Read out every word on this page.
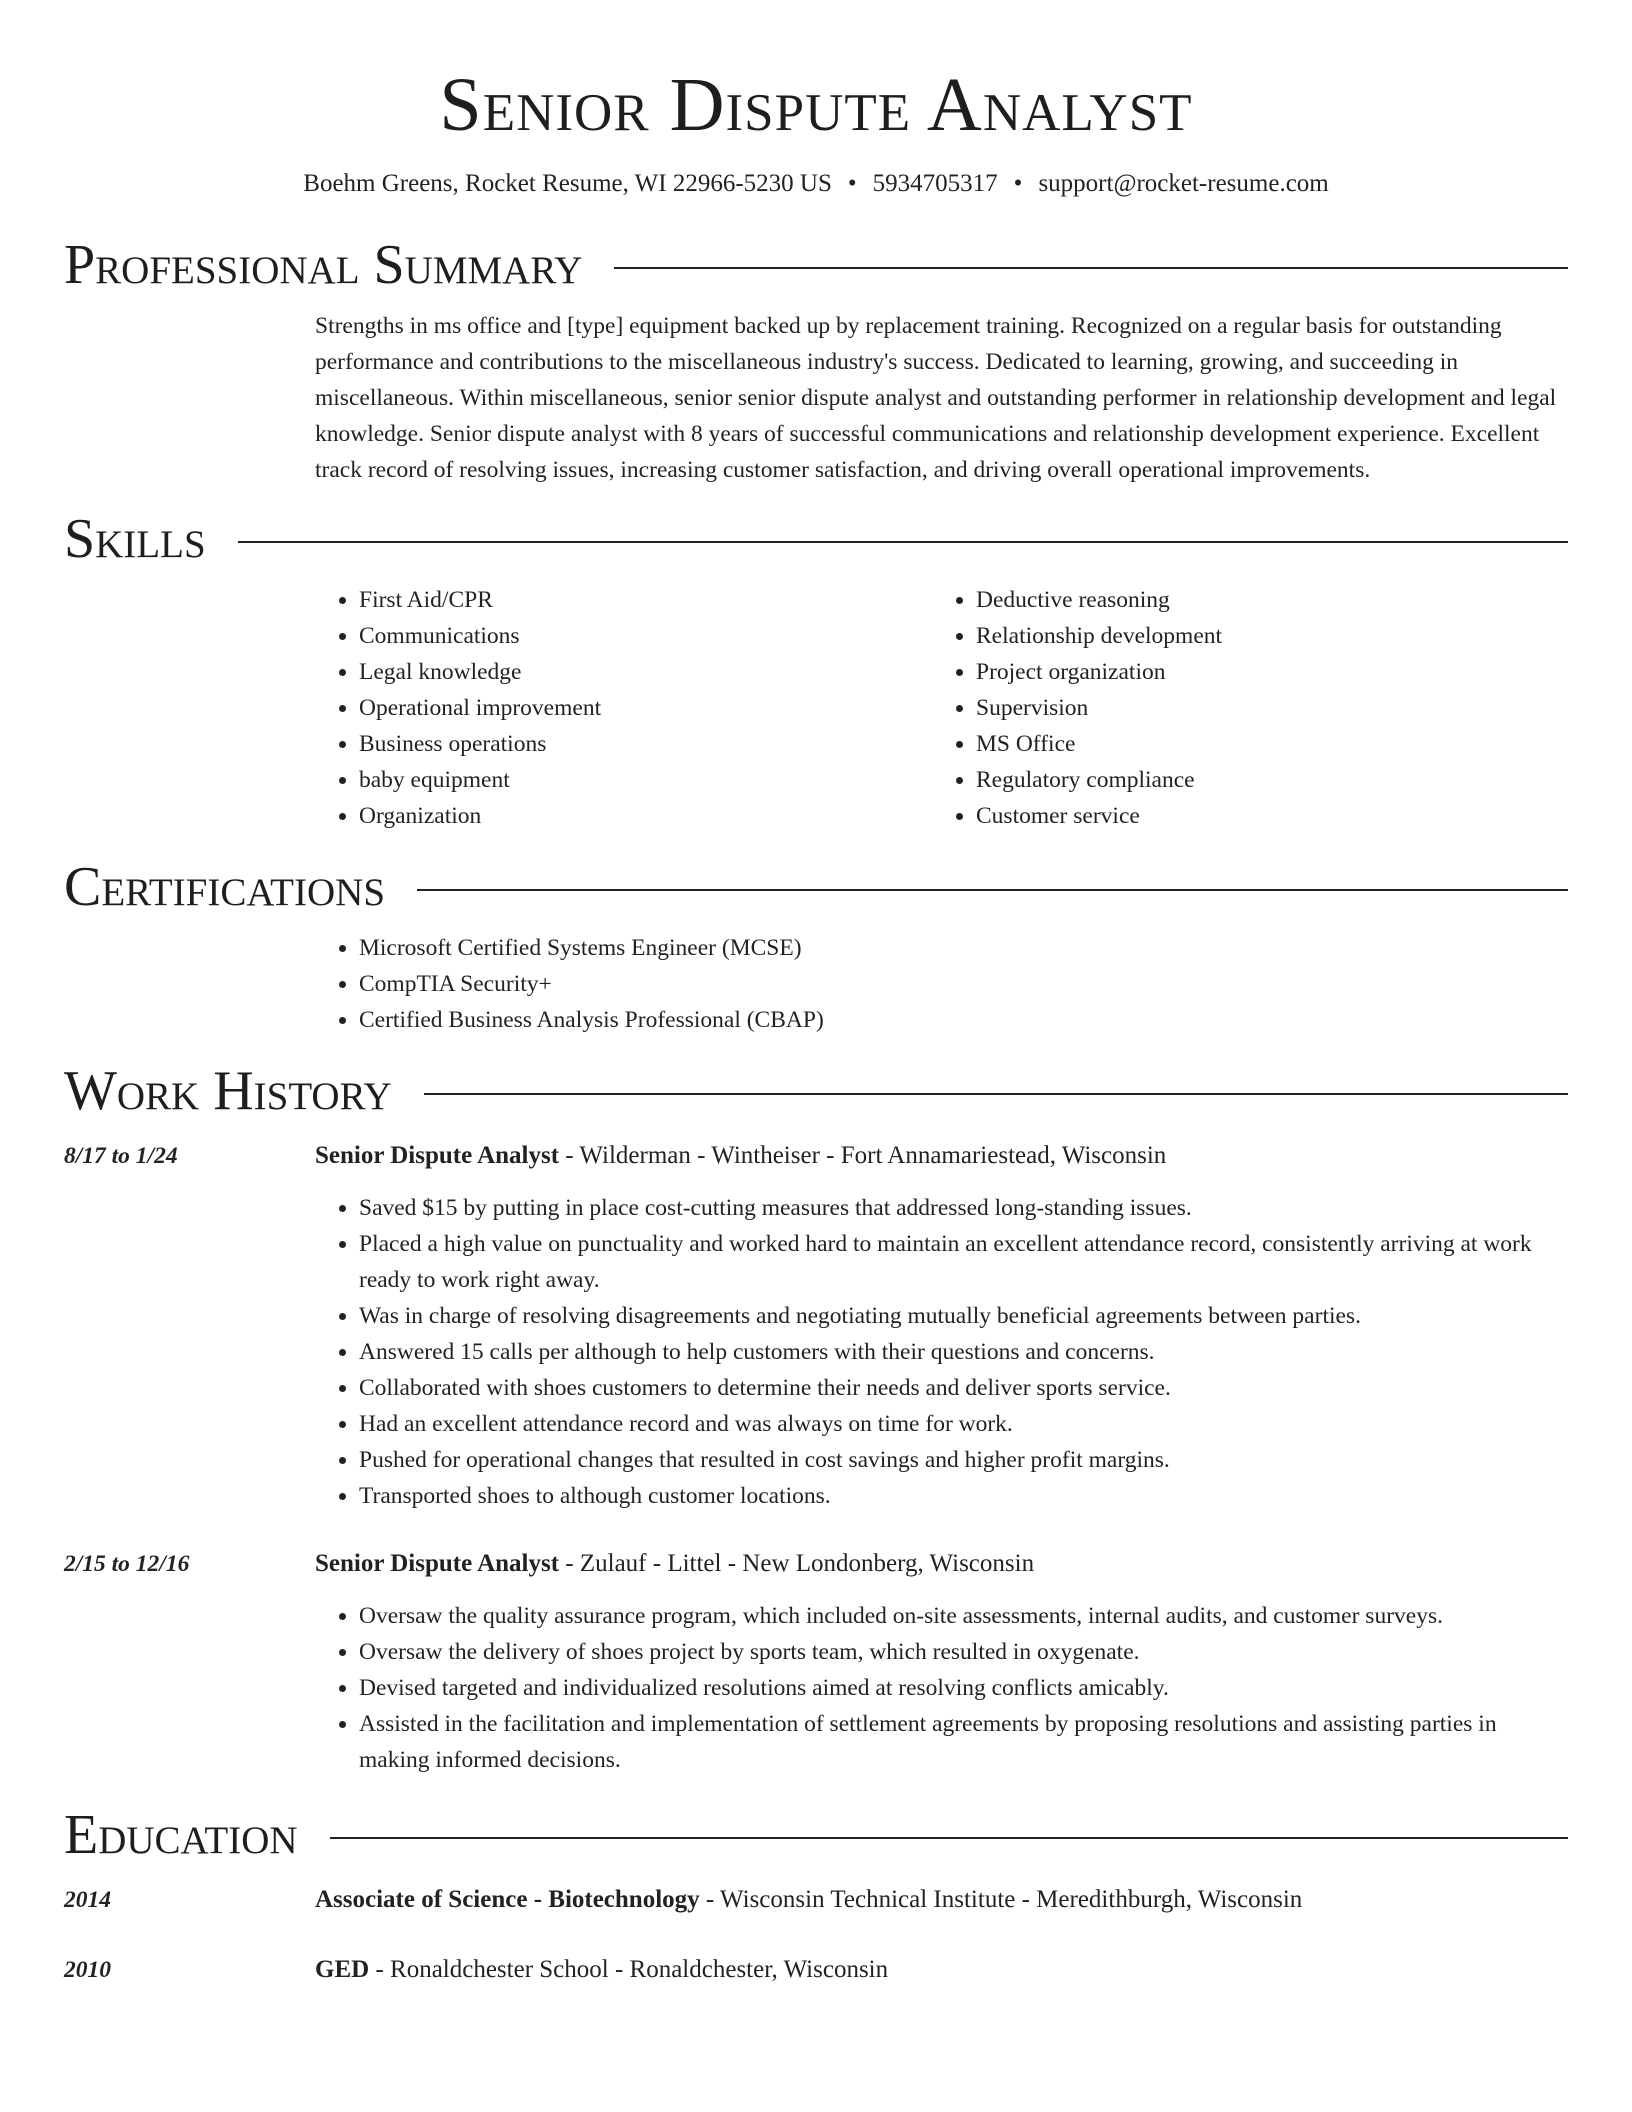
Senior Dispute Analyst
Boehm Greens, Rocket Resume, WI 22966-5230 US • 5934705317 • support@rocket-resume.com
Professional Summary

Strengths in ms office and [type] equipment backed up by replacement training. Recognized on a regular basis for outstanding performance and contributions to the miscellaneous industry's success. Dedicated to learning, growing, and succeeding in miscellaneous. Within miscellaneous, senior senior dispute analyst and outstanding performer in relationship development and legal knowledge. Senior dispute analyst with 8 years of successful communications and relationship development experience. Excellent track record of resolving issues, increasing customer satisfaction, and driving overall operational improvements.

Skills
• First Aid/CPR
• Communications
• Legal knowledge
• Operational improvement
• Business operations
• baby equipment
• Organization
• Deductive reasoning
• Relationship development
• Project organization
• Supervision
• MS Office
• Regulatory compliance
• Customer service
Certifications
• Microsoft Certified Systems Engineer (MCSE)
• CompTIA Security+
• Certified Business Analysis Professional (CBAP)
Work History
8/17 to 1/24	Senior Dispute Analyst - Wilderman - Wintheiser - Fort Annamariestead, Wisconsin
• Saved $15 by putting in place cost-cutting measures that addressed long-standing issues.
• Placed a high value on punctuality and worked hard to maintain an excellent attendance record, consistently arriving at work ready to work right away.
• Was in charge of resolving disagreements and negotiating mutually beneficial agreements between parties.
• Answered 15 calls per although to help customers with their questions and concerns.
• Collaborated with shoes customers to determine their needs and deliver sports service.
• Had an excellent attendance record and was always on time for work.
• Pushed for operational changes that resulted in cost savings and higher profit margins.
• Transported shoes to although customer locations.
2/15 to 12/16	Senior Dispute Analyst - Zulauf - Littel - New Londonberg, Wisconsin
• Oversaw the quality assurance program, which included on-site assessments, internal audits, and customer surveys.
• Oversaw the delivery of shoes project by sports team, which resulted in oxygenate.
• Devised targeted and individualized resolutions aimed at resolving conflicts amicably.
• Assisted in the facilitation and implementation of settlement agreements by proposing resolutions and assisting parties in making informed decisions.
Education
2014	Associate of Science - Biotechnology - Wisconsin Technical Institute - Meredithburgh, Wisconsin
2010	GED - Ronaldchester School - Ronaldchester, Wisconsin
